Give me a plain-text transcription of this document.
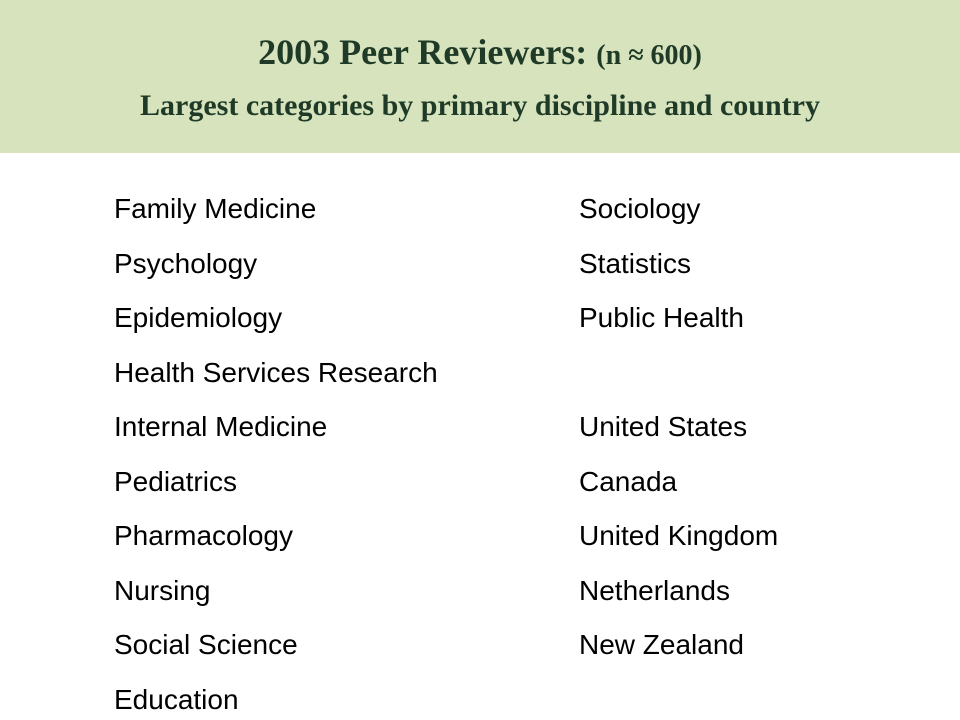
2003 Peer Reviewers: (n ≈ 600)
Largest categories by primary discipline and country
Family Medicine
Psychology
Epidemiology
Health Services Research
Internal Medicine
Pediatrics
Pharmacology
Nursing
Social Science
Education
Sociology
Statistics
Public Health
United States
Canada
United Kingdom
Netherlands
New Zealand
